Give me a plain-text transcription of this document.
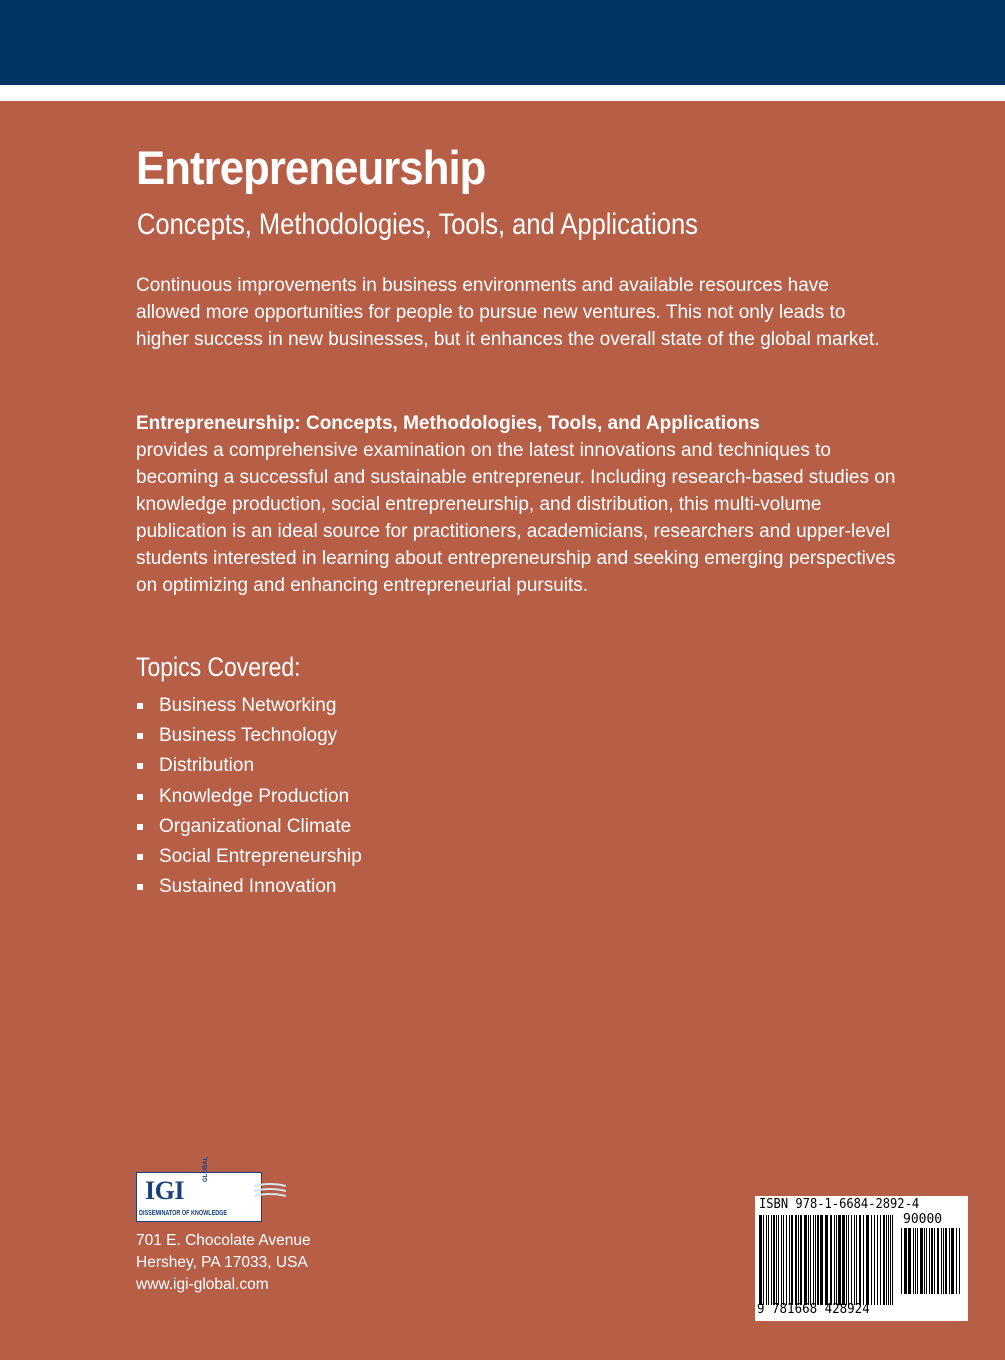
Entrepreneurship
Concepts, Methodologies, Tools, and Applications

Continuous improvements in business environments and available resources have allowed more opportunities for people to pursue new ventures. This not only leads to higher success in new businesses, but it enhances the overall state of the global market.

Entrepreneurship: Concepts, Methodologies, Tools, and Applications
provides a comprehensive examination on the latest innovations and techniques to becoming a successful and sustainable entrepreneur. Including research-based studies on knowledge production, social entrepreneurship, and distribution, this multi-volume publication is an ideal source for practitioners, academicians, researchers and upper-level students interested in learning about entrepreneurship and seeking emerging perspectives on optimizing and enhancing entrepreneurial pursuits.

Topics Covered:
Business Networking
Business Technology
Distribution
Knowledge Production
Organizational Climate
Social Entrepreneurship
Sustained Innovation
IGI
GLOBAL
DISSEMINATOR OF KNOWLEDGE
701 E. Chocolate Avenue
Hershey, PA 17033, USA
www.igi-global.com
ISBN 978-1-6684-2892-4
90000
9 781668 428924
